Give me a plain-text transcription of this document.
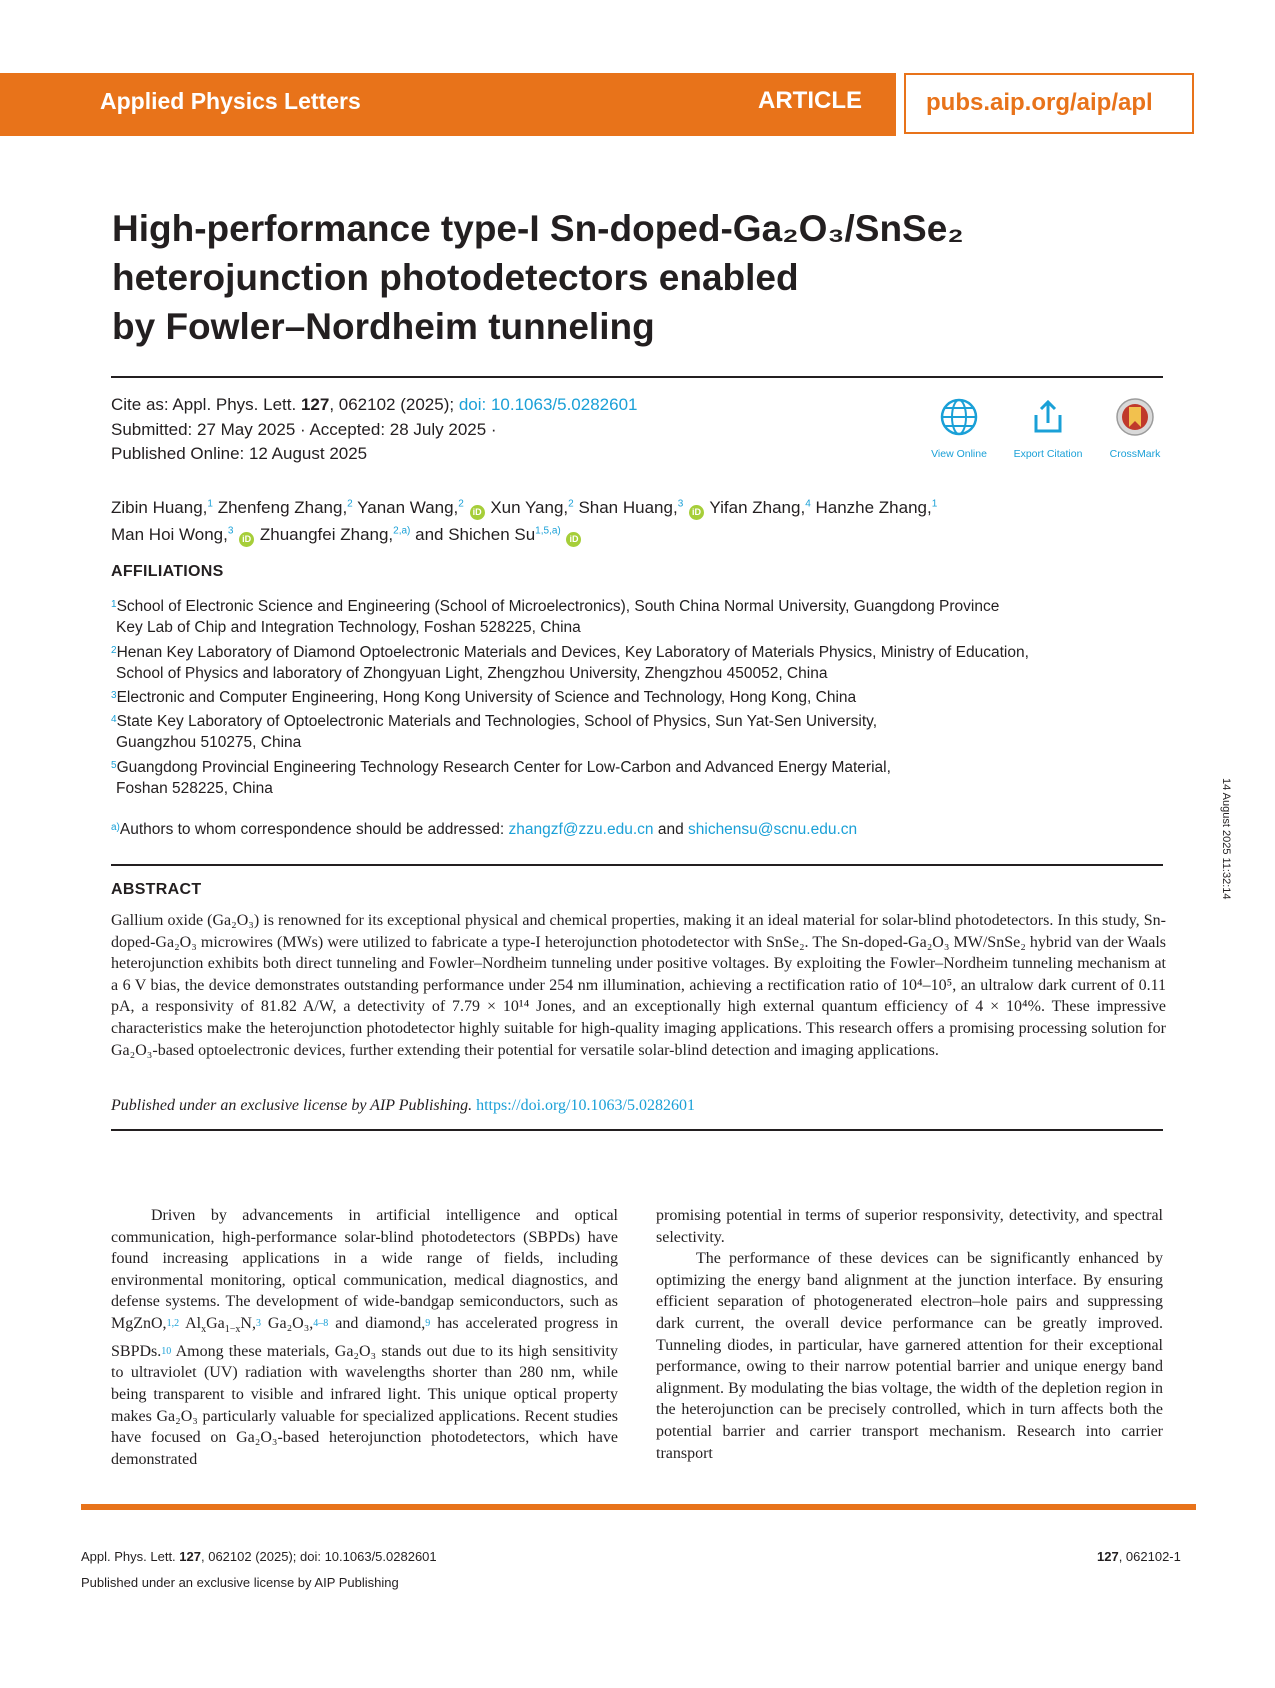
Applied Physics Letters	ARTICLE	pubs.aip.org/aip/apl
High-performance type-I Sn-doped-Ga₂O₃/SnSe₂
heterojunction photodetectors enabled
by Fowler–Nordheim tunneling
Cite as: Appl. Phys. Lett. 127, 062102 (2025); doi: 10.1063/5.0282601
Submitted: 27 May 2025 · Accepted: 28 July 2025 ·
Published Online: 12 August 2025	View Online	Export Citation	CrossMark
Zibin Huang,$^1$ Zhenfeng Zhang,$^2$ Yanan Wang,$^2$ iD Xun Yang,$^2$ Shan Huang,$^3$ iD Yifan Zhang,$^4$ Hanzhe Zhang,$^1$
Man Hoi Wong,$^3$ iD Zhuangfei Zhang,$^{2,a)}$ and Shichen Su$^{1,5,a)}$ iD
AFFILIATIONS
$^1$School of Electronic Science and Engineering (School of Microelectronics), South China Normal University, Guangdong Province
Key Lab of Chip and Integration Technology, Foshan 528225, China
$^2$Henan Key Laboratory of Diamond Optoelectronic Materials and Devices, Key Laboratory of Materials Physics, Ministry of Education,
School of Physics and laboratory of Zhongyuan Light, Zhengzhou University, Zhengzhou 450052, China
$^3$Electronic and Computer Engineering, Hong Kong University of Science and Technology, Hong Kong, China
$^4$State Key Laboratory of Optoelectronic Materials and Technologies, School of Physics, Sun Yat-Sen University,
Guangzhou 510275, China
$^5$Guangdong Provincial Engineering Technology Research Center for Low-Carbon and Advanced Energy Material,
Foshan 528225, China
$^{a)}$Authors to whom correspondence should be addressed: zhangzf@zzu.edu.cn and shichensu@scnu.edu.cn
ABSTRACT
Gallium oxide (Ga₂O₃) is renowned for its exceptional physical and chemical properties, making it an ideal material for solar-blind photodetectors. In this study, Sn-doped-Ga₂O₃ microwires (MWs) were utilized to fabricate a type-I heterojunction photodetector with SnSe₂. The Sn-doped-Ga₂O₃ MW/SnSe₂ hybrid van der Waals heterojunction exhibits both direct tunneling and Fowler–Nordheim tunneling under positive voltages. By exploiting the Fowler–Nordheim tunneling mechanism at a 6 V bias, the device demonstrates outstanding performance under 254 nm illumination, achieving a rectification ratio of 10⁴–10⁵, an ultralow dark current of 0.11 pA, a responsivity of 81.82 A/W, a detectivity of 7.79 × 10¹⁴ Jones, and an exceptionally high external quantum efficiency of 4 × 10⁴%. These impressive characteristics make the heterojunction photodetector highly suitable for high-quality imaging applications. This research offers a promising processing solution for Ga₂O₃-based optoelectronic devices, further extending their potential for versatile solar-blind detection and imaging applications.
Published under an exclusive license by AIP Publishing. https://doi.org/10.1063/5.0282601

Driven by advancements in artificial intelligence and optical communication, high-performance solar-blind photodetectors (SBPDs) have found increasing applications in a wide range of fields, including environmental monitoring, optical communication, medical diagnostics, and defense systems. The development of wide-bandgap semiconductors, such as MgZnO,$^{1,2}$ $Al_xGa_{1-x}N,^3$ Ga₂O₃,$^{4-8}$ and diamond,$^9$ has accelerated progress in SBPDs.$^{10}$ Among these materials, Ga₂O₃ stands out due to its high sensitivity to ultraviolet (UV) radiation with wavelengths shorter than 280 nm, while being transparent to visible and infrared light. This unique optical property makes Ga₂O₃ particularly valuable for specialized applications. Recent studies have focused on Ga₂O₃-based heterojunction photodetectors, which have demonstrated

promising potential in terms of superior responsivity, detectivity, and spectral selectivity.

The performance of these devices can be significantly enhanced by optimizing the energy band alignment at the junction interface. By ensuring efficient separation of photogenerated electron–hole pairs and suppressing dark current, the overall device performance can be greatly improved. Tunneling diodes, in particular, have garnered attention for their exceptional performance, owing to their narrow potential barrier and unique energy band alignment. By modulating the bias voltage, the width of the depletion region in the heterojunction can be precisely controlled, which in turn affects both the potential barrier and carrier transport mechanism. Research into carrier transport

Appl. Phys. Lett. 127, 062102 (2025); doi: 10.1063/5.0282601	127, 062102-1
Published under an exclusive license by AIP Publishing
14 August 2025 11:32:14
